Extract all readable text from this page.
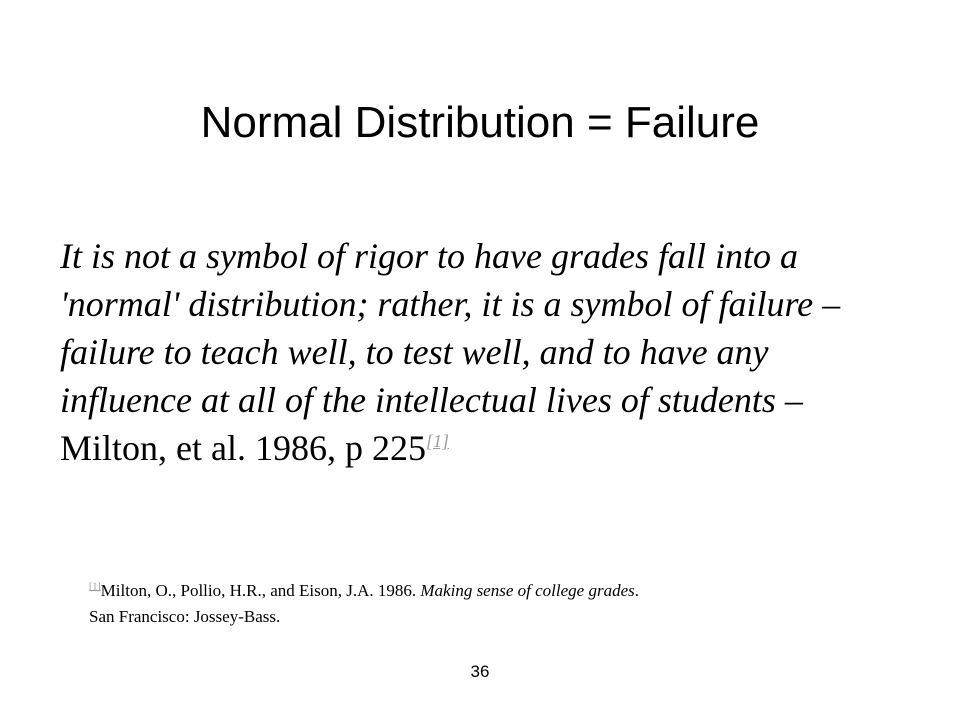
Normal Distribution = Failure
It is not a symbol of rigor to have grades fall into a 'normal' distribution; rather, it is a symbol of failure – failure to teach well, to test well, and to have any influence at all of the intellectual lives of students – Milton, et al. 1986, p 225[1]
[1]Milton, O., Pollio, H.R., and Eison, J.A. 1986. Making sense of college grades.
San Francisco: Jossey-Bass.
36
